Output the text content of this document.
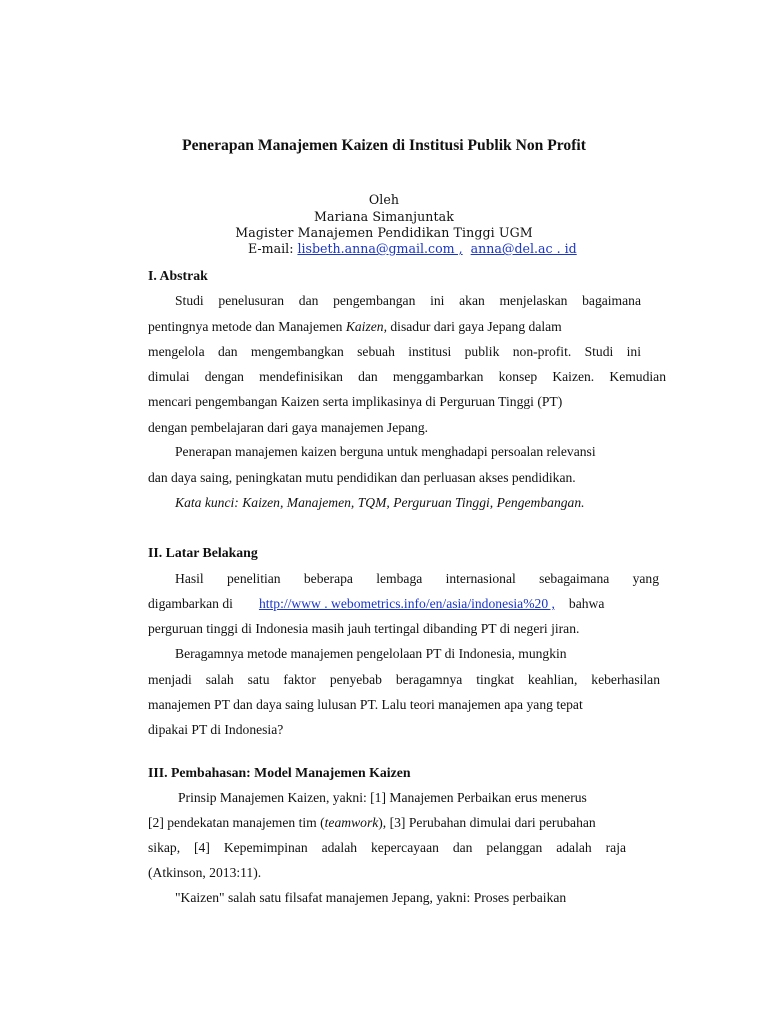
Penerapan Manajemen Kaizen di Institusi Publik Non Profit
Oleh
Mariana Simanjuntak
Magister Manajemen Pendidikan Tinggi UGM
E-mail: lisbeth.anna@gmail.com , anna@del.ac . id
I. Abstrak
Studi penelusuran dan pengembangan ini akan menjelaskan bagaimana
pentingnya metode dan Manajemen Kaizen, disadur dari gaya Jepang dalam
mengelola dan mengembangkan sebuah institusi publik non-profit. Studi ini
dimulai dengan mendefinisikan dan menggambarkan konsep Kaizen. Kemudian
mencari pengembangan Kaizen serta implikasinya di Perguruan Tinggi (PT)
dengan pembelajaran dari gaya manajemen Jepang.
Penerapan manajemen kaizen berguna untuk menghadapi persoalan relevansi
dan daya saing, peningkatan mutu pendidikan dan perluasan akses pendidikan.
Kata kunci: Kaizen, Manajemen, TQM, Perguruan Tinggi, Pengembangan.
II. Latar Belakang
Hasil penelitian beberapa lembaga internasional sebagaimana yang
digambarkan di http://www . webometrics.info/en/asia/indonesia%20 , bahwa
perguruan tinggi di Indonesia masih jauh tertingal dibanding PT di negeri jiran.
Beragamnya metode manajemen pengelolaan PT di Indonesia, mungkin
menjadi salah satu faktor penyebab beragamnya tingkat keahlian, keberhasilan
manajemen PT dan daya saing lulusan PT. Lalu teori manajemen apa yang tepat
dipakai PT di Indonesia?
III. Pembahasan: Model Manajemen Kaizen
Prinsip Manajemen Kaizen, yakni: [1] Manajemen Perbaikan erus menerus
[2] pendekatan manajemen tim (teamwork), [3] Perubahan dimulai dari perubahan
sikap, [4] Kepemimpinan adalah kepercayaan dan pelanggan adalah raja
(Atkinson, 2013:11).
"Kaizen" salah satu filsafat manajemen Jepang, yakni: Proses perbaikan
